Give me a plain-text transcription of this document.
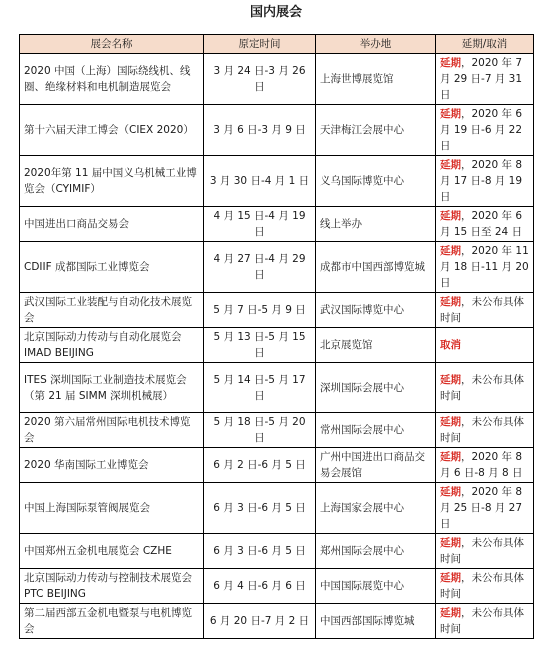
国内展会
展会名称	原定时间	举办地	延期/取消
2020 中国（上海）国际绕线机、线圈、绝缘材料和电机制造展览会	3 月 24 日-3 月 26 日	上海世博展览馆	延期，2020 年 7 月 29 日-7 月 31 日
第十六届天津工博会（CIEX 2020）	3 月 6 日-3 月 9 日	天津梅江会展中心	延期，2020 年 6 月 19 日-6 月 22 日
2020年第 11 届中国义乌机械工业博览会（CYIMIF）	3 月 30 日-4 月 1 日	义乌国际博览中心	延期，2020 年 8 月 17 日-8 月 19 日
中国进出口商品交易会	4 月 15 日-4 月 19 日	线上举办	延期，2020 年 6 月 15 日至 24 日
CDIIF 成都国际工业博览会	4 月 27 日-4 月 29 日	成都市中国西部博览城	延期，2020 年 11 月 18 日-11 月 20 日
武汉国际工业装配与自动化技术展览会	5 月 7 日-5 月 9 日	武汉国际博览中心	延期，未公布具体时间
北京国际动力传动与自动化展览会 IMAD BEIJING	5 月 13 日-5 月 15 日	北京展览馆	取消
ITES 深圳国际工业制造技术展览会（第 21 届 SIMM 深圳机械展）	5 月 14 日-5 月 17 日	深圳国际会展中心	延期，未公布具体时间
2020 第六届常州国际电机技术博览会	5 月 18 日-5 月 20 日	常州国际会展中心	延期，未公布具体时间
2020 华南国际工业博览会	6 月 2 日-6 月 5 日	广州中国进出口商品交易会展馆	延期，2020 年 8 月 6 日-8 月 8 日
中国上海国际泵管阀展览会	6 月 3 日-6 月 5 日	上海国家会展中心	延期，2020 年 8 月 25 日-8 月 27 日
中国郑州五金机电展览会 CZHE	6 月 3 日-6 月 5 日	郑州国际会展中心	延期，未公布具体时间
北京国际动力传动与控制技术展览会 PTC BEIJING	6 月 4 日-6 月 6 日	中国国际展览中心	延期，未公布具体时间
第二届西部五金机电暨泵与电机博览会	6 月 20 日-7 月 2 日	中国西部国际博览城	延期，未公布具体时间
